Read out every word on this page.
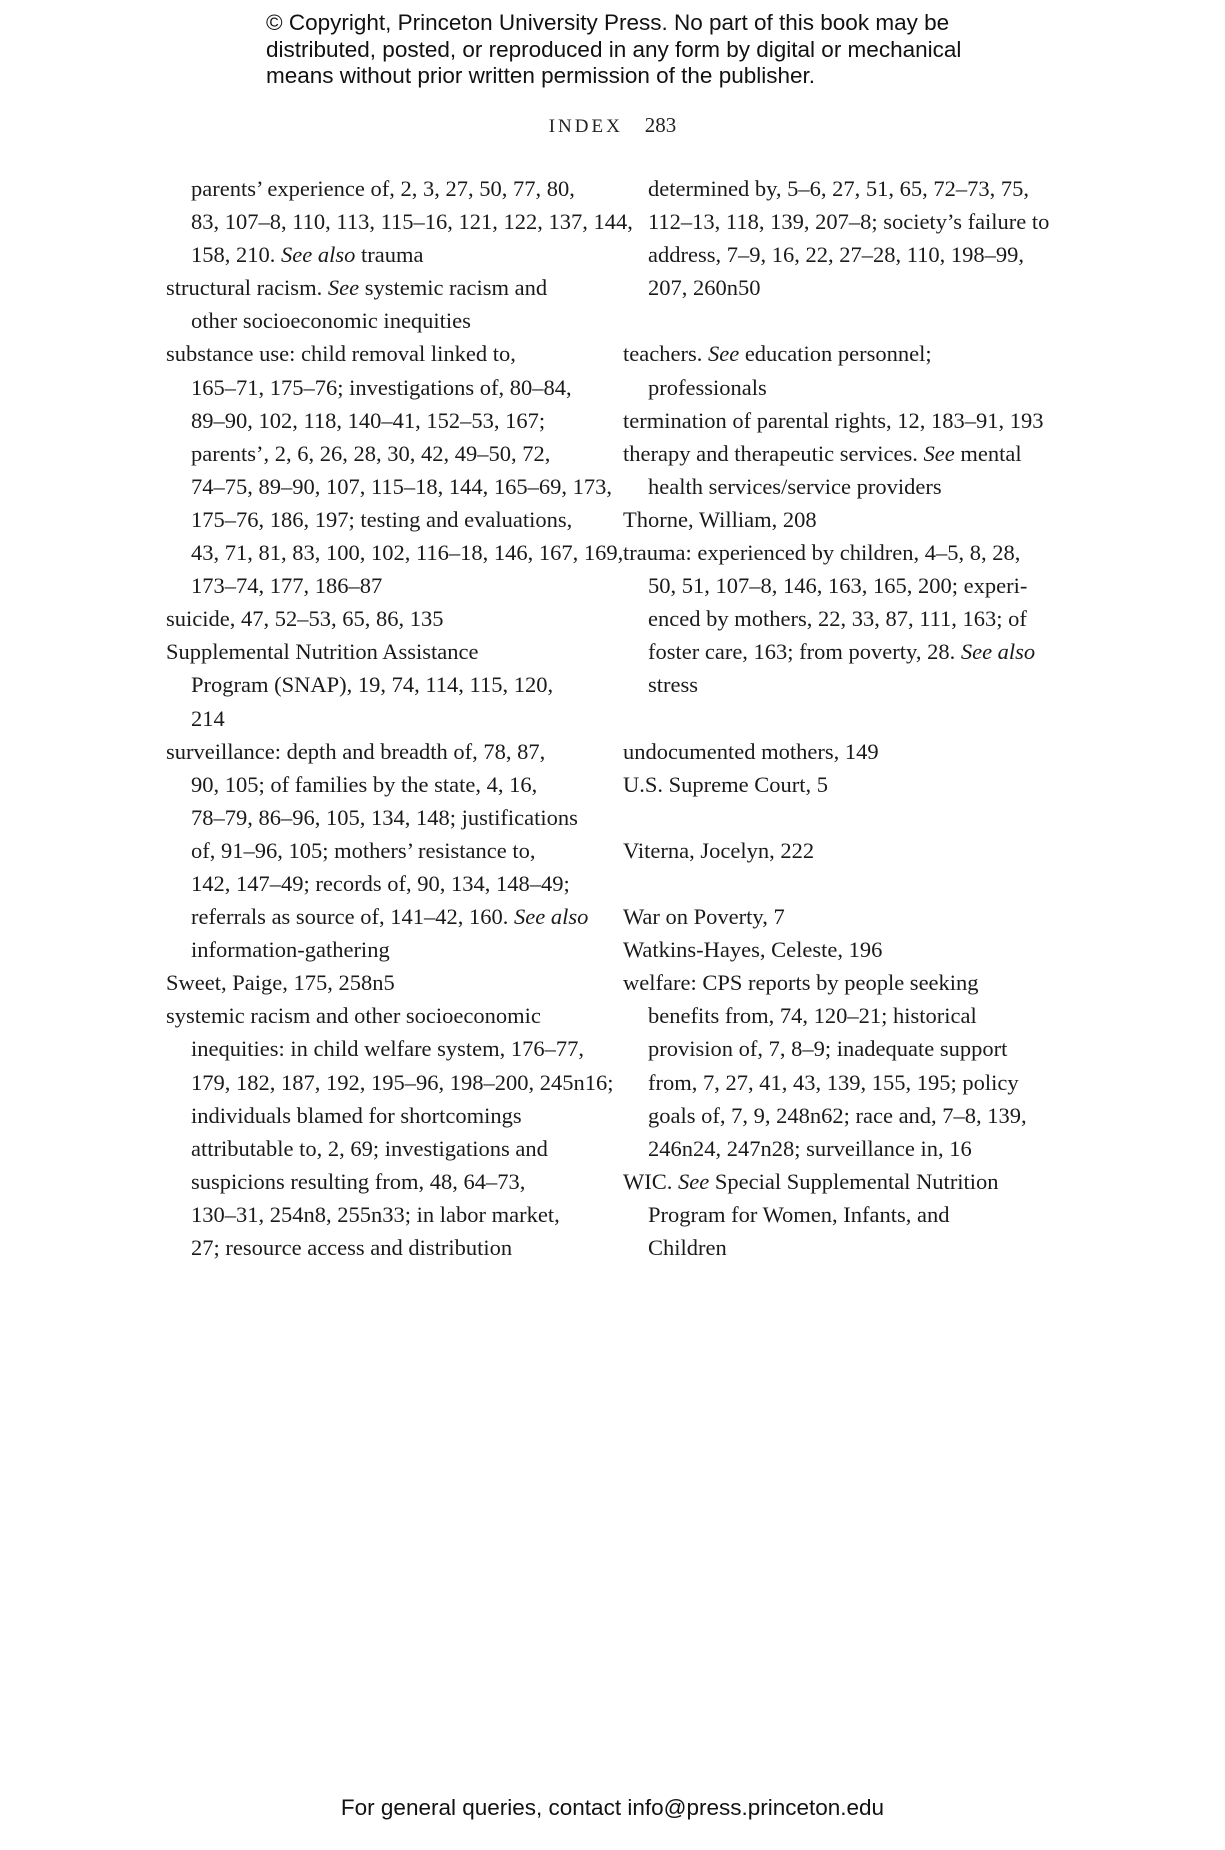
© Copyright, Princeton University Press. No part of this book may be
distributed, posted, or reproduced in any form by digital or mechanical
means without prior written permission of the publisher.
INDEX 283
parents’ experience of, 2, 3, 27, 50, 77, 80,
83, 107–8, 110, 113, 115–16, 121, 122, 137, 144,
158, 210. See also trauma
structural racism. See systemic racism and
other socioeconomic inequities
substance use: child removal linked to,
165–71, 175–76; investigations of, 80–84,
89–90, 102, 118, 140–41, 152–53, 167;
parents’, 2, 6, 26, 28, 30, 42, 49–50, 72,
74–75, 89–90, 107, 115–18, 144, 165–69, 173,
175–76, 186, 197; testing and evaluations,
43, 71, 81, 83, 100, 102, 116–18, 146, 167, 169,
173–74, 177, 186–87
suicide, 47, 52–53, 65, 86, 135
Supplemental Nutrition Assistance
Program (SNAP), 19, 74, 114, 115, 120,
214
surveillance: depth and breadth of, 78, 87,
90, 105; of families by the state, 4, 16,
78–79, 86–96, 105, 134, 148; justifications
of, 91–96, 105; mothers’ resistance to,
142, 147–49; records of, 90, 134, 148–49;
referrals as source of, 141–42, 160. See also
information-gathering
Sweet, Paige, 175, 258n5
systemic racism and other socioeconomic
inequities: in child welfare system, 176–77,
179, 182, 187, 192, 195–96, 198–200, 245n16;
individuals blamed for shortcomings
attributable to, 2, 69; investigations and
suspicions resulting from, 48, 64–73,
130–31, 254n8, 255n33; in labor market,
27; resource access and distribution
determined by, 5–6, 27, 51, 65, 72–73, 75,
112–13, 118, 139, 207–8; society’s failure to
address, 7–9, 16, 22, 27–28, 110, 198–99,
207, 260n50
teachers. See education personnel;
professionals
termination of parental rights, 12, 183–91, 193
therapy and therapeutic services. See mental
health services/service providers
Thorne, William, 208
trauma: experienced by children, 4–5, 8, 28,
50, 51, 107–8, 146, 163, 165, 200; experi-
enced by mothers, 22, 33, 87, 111, 163; of
foster care, 163; from poverty, 28. See also
stress
undocumented mothers, 149
U.S. Supreme Court, 5
Viterna, Jocelyn, 222
War on Poverty, 7
Watkins-Hayes, Celeste, 196
welfare: CPS reports by people seeking
benefits from, 74, 120–21; historical
provision of, 7, 8–9; inadequate support
from, 7, 27, 41, 43, 139, 155, 195; policy
goals of, 7, 9, 248n62; race and, 7–8, 139,
246n24, 247n28; surveillance in, 16
WIC. See Special Supplemental Nutrition
Program for Women, Infants, and
Children
For general queries, contact info@press.princeton.edu
